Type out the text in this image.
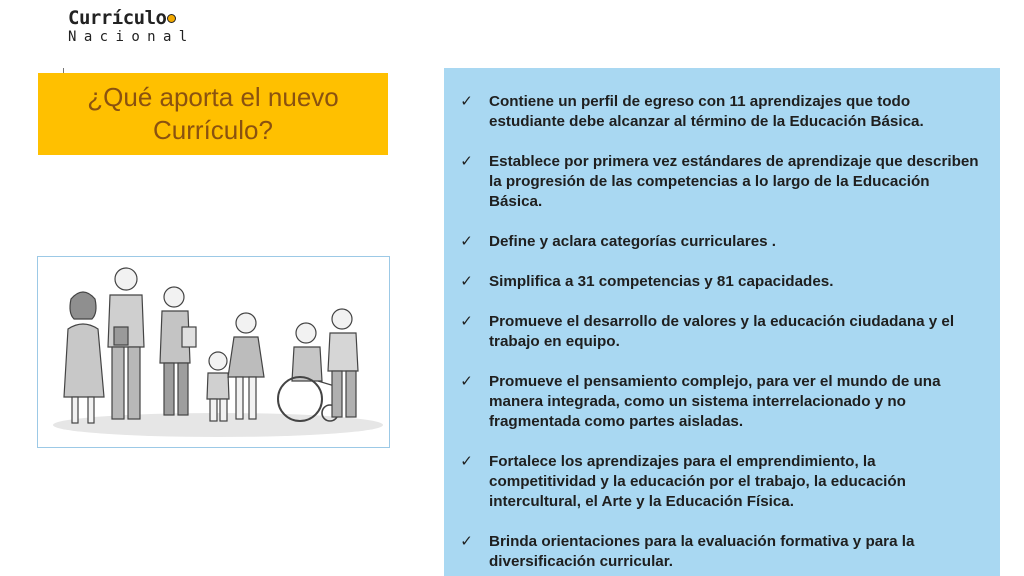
Currículo
Nacional
¿Qué aporta el nuevo Currículo?
✓ Contiene un perfil de egreso con 11 aprendizajes que todo estudiante debe alcanzar al término de la Educación Básica.
✓ Establece por primera vez estándares de aprendizaje que describen la progresión de las competencias a lo largo de la Educación Básica.
✓ Define y aclara categorías curriculares .
✓ Simplifica a 31 competencias y 81 capacidades.
✓ Promueve el desarrollo de valores y la educación ciudadana y el trabajo en equipo.
✓ Promueve el pensamiento complejo, para ver el mundo de una manera integrada, como un sistema interrelacionado y no fragmentada como partes aisladas.
✓ Fortalece los aprendizajes para el emprendimiento, la competitividad y la educación por el trabajo, la educación intercultural, el Arte y la Educación Física.
✓ Brinda orientaciones para la evaluación formativa y para la diversificación curricular.
